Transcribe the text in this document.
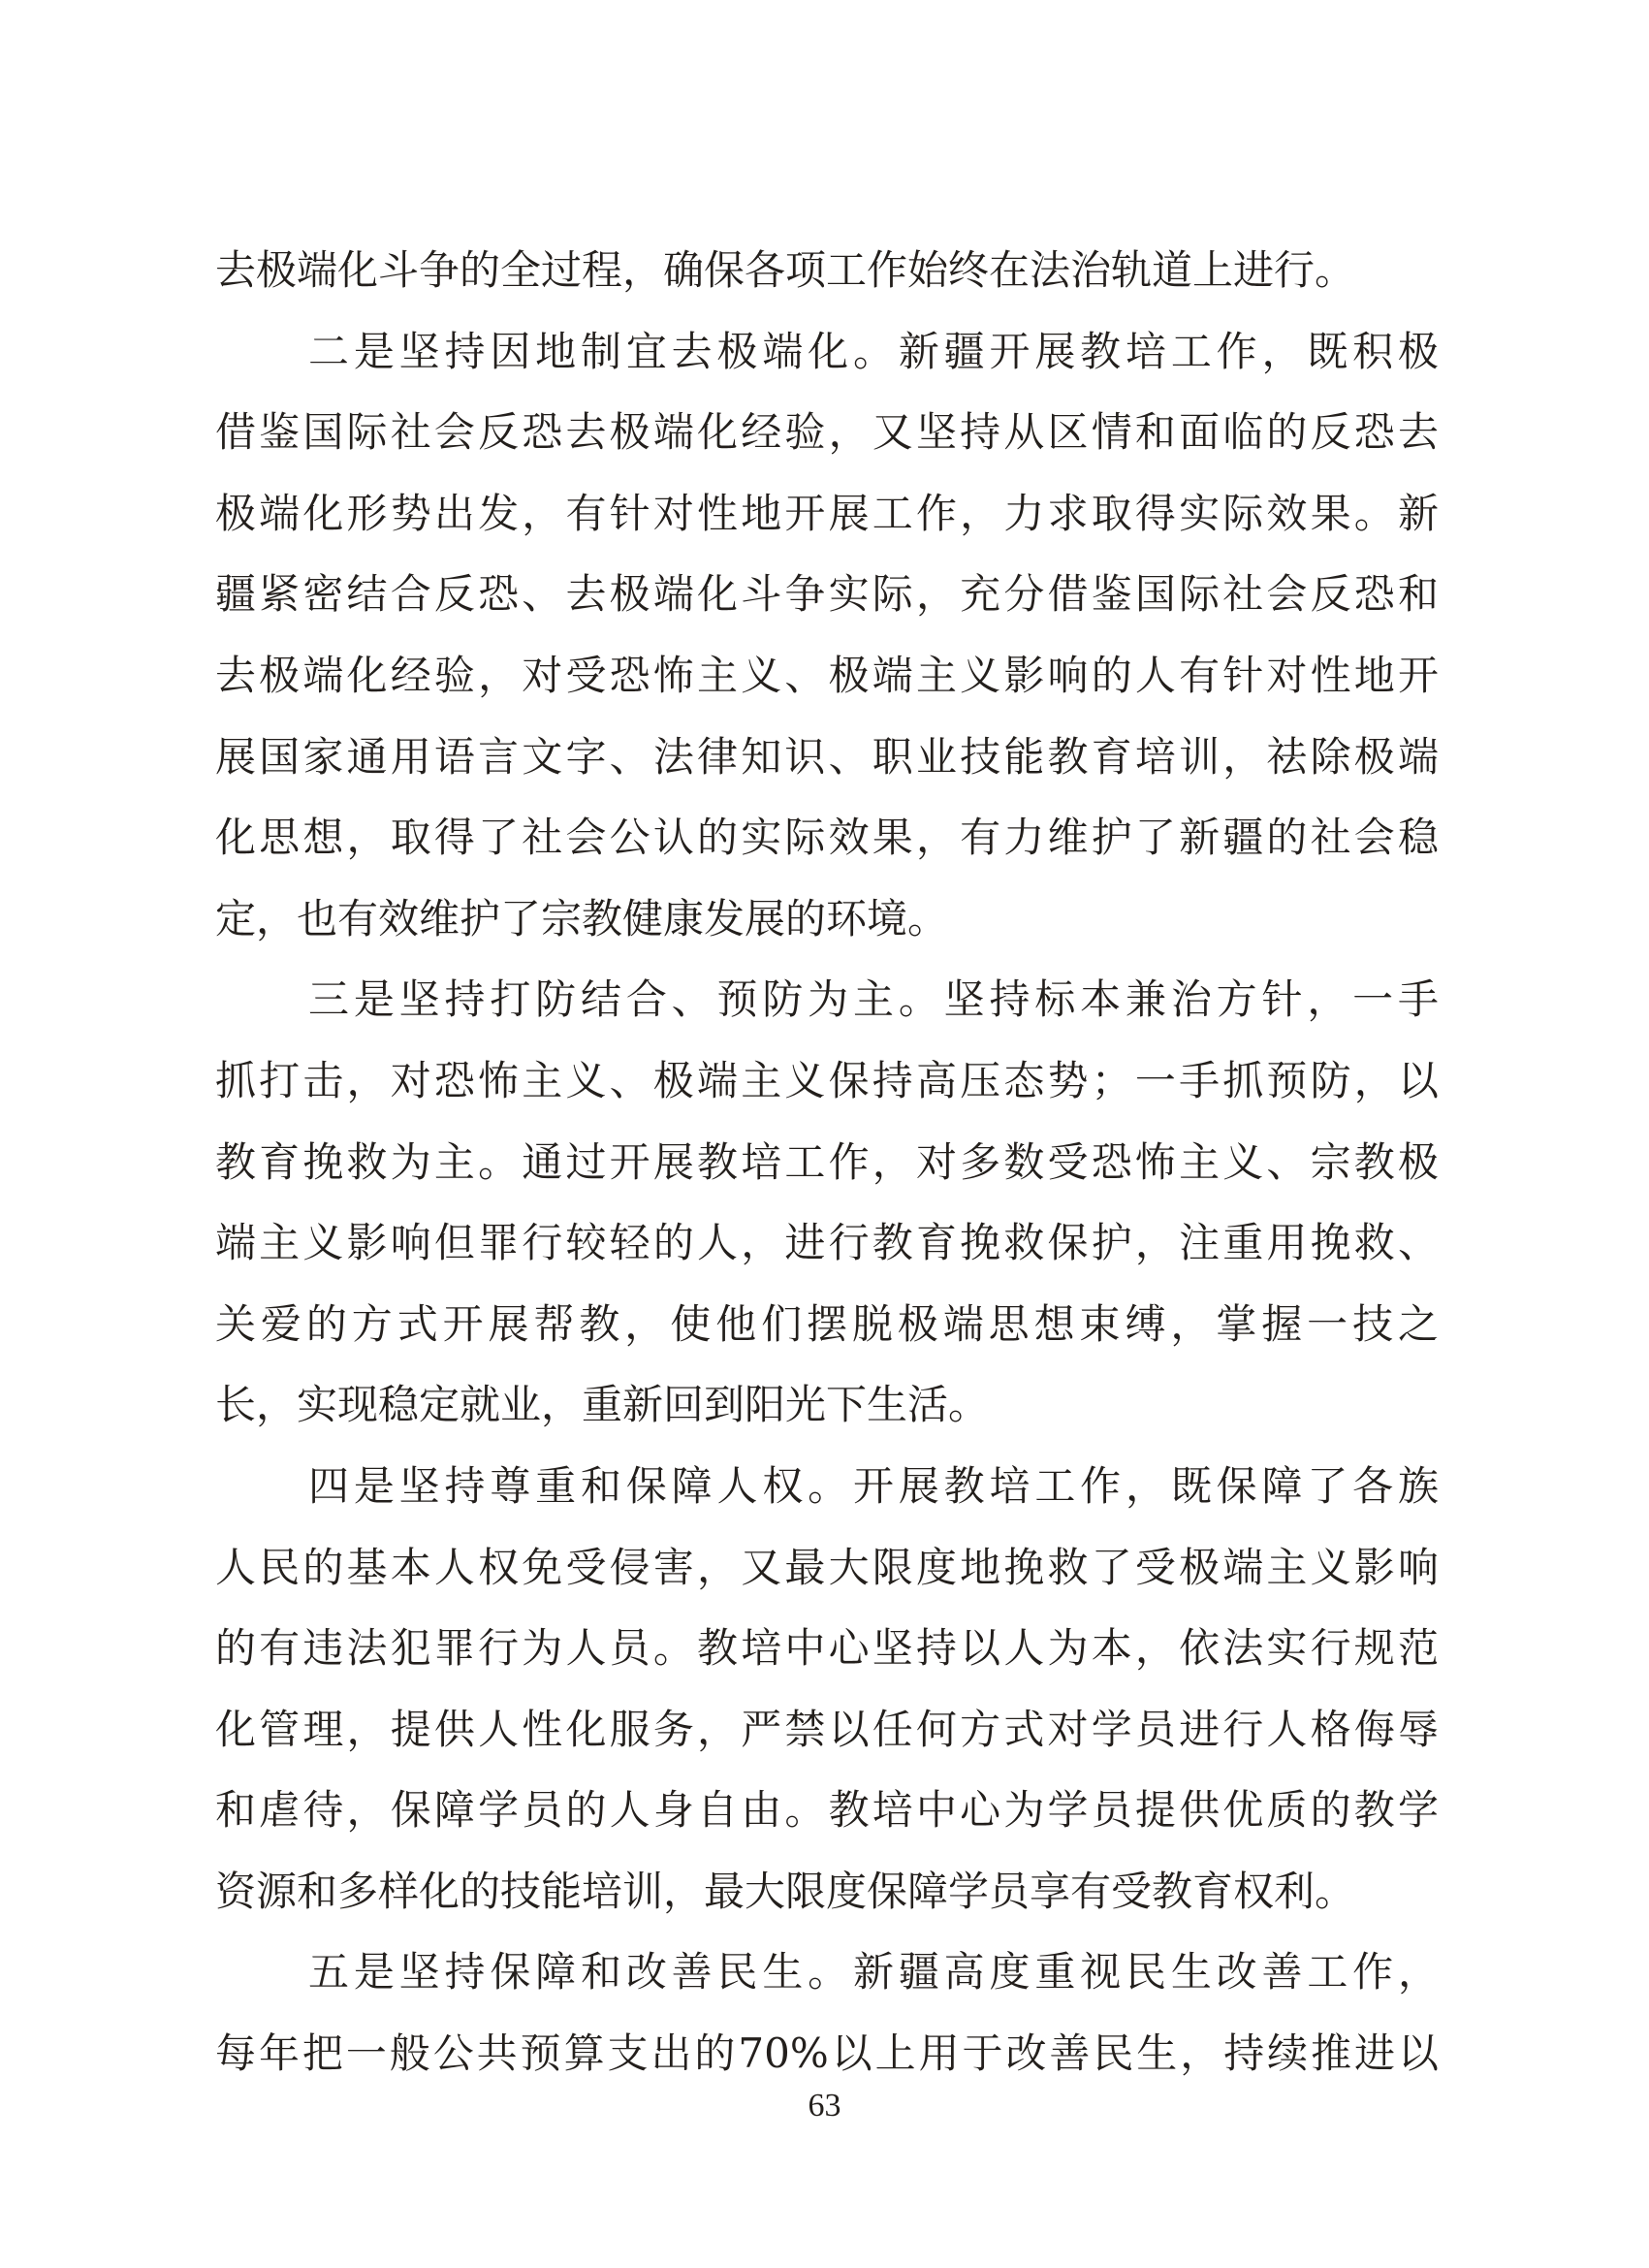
去极端化斗争的全过程，确保各项工作始终在法治轨道上进行。
二是坚持因地制宜去极端化。新疆开展教培工作，既积极
借鉴国际社会反恐去极端化经验，又坚持从区情和面临的反恐去
极端化形势出发，有针对性地开展工作，力求取得实际效果。新
疆紧密结合反恐、去极端化斗争实际，充分借鉴国际社会反恐和
去极端化经验，对受恐怖主义、极端主义影响的人有针对性地开
展国家通用语言文字、法律知识、职业技能教育培训，祛除极端
化思想，取得了社会公认的实际效果，有力维护了新疆的社会稳
定，也有效维护了宗教健康发展的环境。
三是坚持打防结合、预防为主。坚持标本兼治方针，一手
抓打击，对恐怖主义、极端主义保持高压态势；一手抓预防，以
教育挽救为主。通过开展教培工作，对多数受恐怖主义、宗教极
端主义影响但罪行较轻的人，进行教育挽救保护，注重用挽救、
关爱的方式开展帮教，使他们摆脱极端思想束缚，掌握一技之
长，实现稳定就业，重新回到阳光下生活。
四是坚持尊重和保障人权。开展教培工作，既保障了各族
人民的基本人权免受侵害，又最大限度地挽救了受极端主义影响
的有违法犯罪行为人员。教培中心坚持以人为本，依法实行规范
化管理，提供人性化服务，严禁以任何方式对学员进行人格侮辱
和虐待，保障学员的人身自由。教培中心为学员提供优质的教学
资源和多样化的技能培训，最大限度保障学员享有受教育权利。
五是坚持保障和改善民生。新疆高度重视民生改善工作，
每年把一般公共预算支出的70%以上用于改善民生，持续推进以
63
